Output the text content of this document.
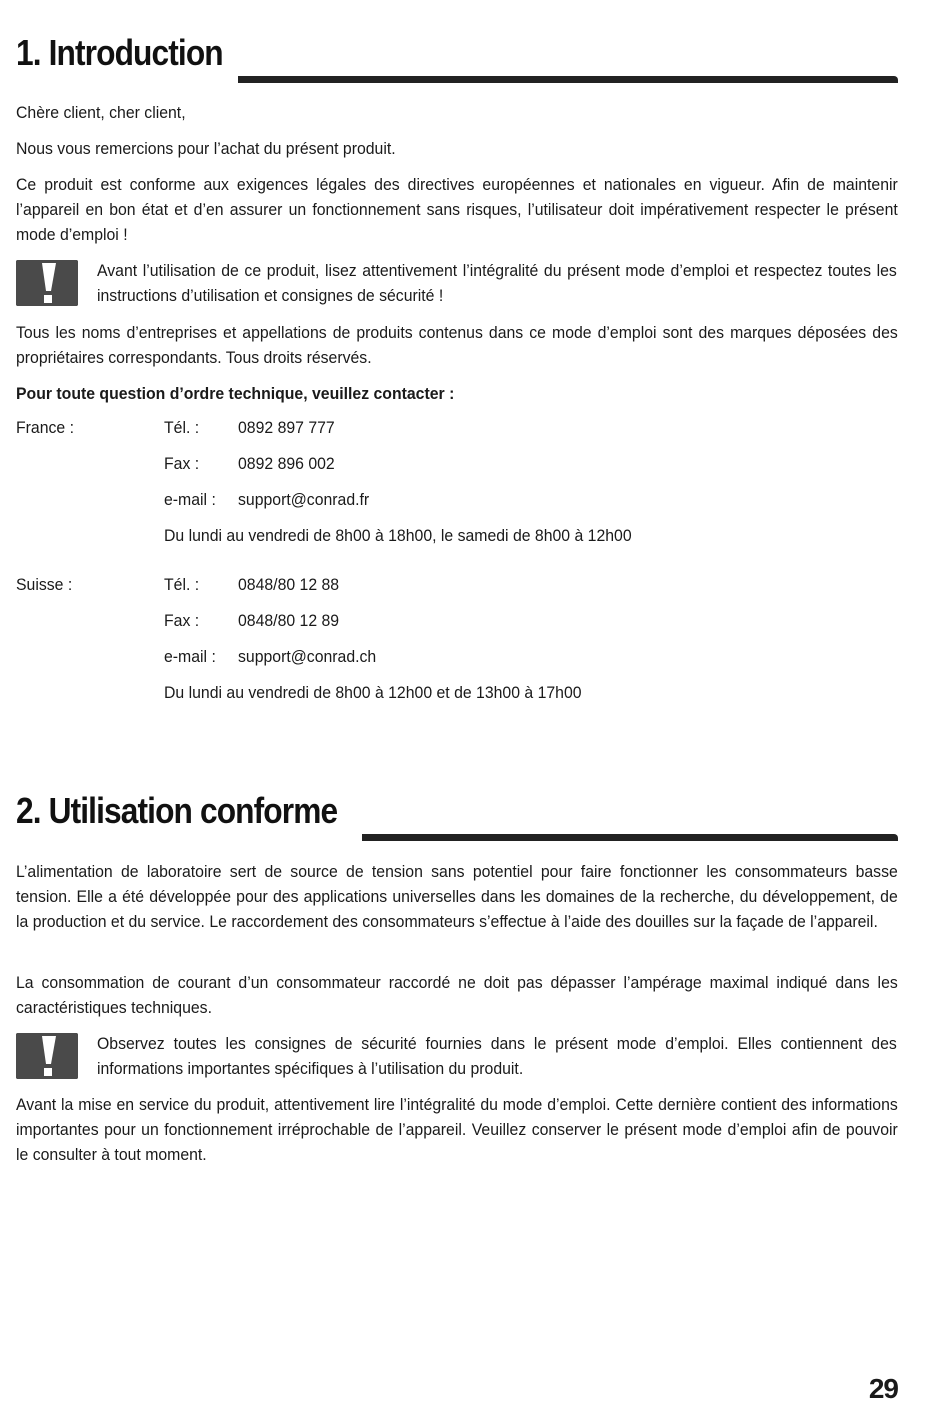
1. Introduction

Chère client, cher client,

Nous vous remercions pour l’achat du présent produit.

Ce produit est conforme aux exigences légales des directives européennes et nationales en vigueur. Afin de maintenir l’appareil en bon état et d’en assurer un fonctionnement sans risques, l’utilisateur doit impérativement respecter le présent mode d’emploi !

Avant l’utilisation de ce produit, lisez attentivement l’intégralité du présent mode d’emploi et respectez toutes les instructions d’utilisation et consignes de sécurité !

Tous les noms d’entreprises et appellations de produits contenus dans ce mode d’emploi sont des marques déposées des propriétaires correspondants. Tous droits réservés.

Pour toute question d’ordre technique, veuillez contacter :

France :	Tél. : 0892 897 777
Fax : 0892 896 002
e-mail : support@conrad.fr
Du lundi au vendredi de 8h00 à 18h00, le samedi de 8h00 à 12h00
Suisse :	Tél. : 0848/80 12 88
Fax : 0848/80 12 89
e-mail : support@conrad.ch
Du lundi au vendredi de 8h00 à 12h00 et de 13h00 à 17h00
2. Utilisation conforme

L’alimentation de laboratoire sert de source de tension sans potentiel pour faire fonctionner les consommateurs basse tension. Elle a été développée pour des applications universelles dans les domaines de la recherche, du développement, de la production et du service. Le raccordement des consommateurs s’effectue à l’aide des douilles sur la façade de l’appareil.

La consommation de courant d’un consommateur raccordé ne doit pas dépasser l’ampérage maximal indiqué dans les caractéristiques techniques.

Observez toutes les consignes de sécurité fournies dans le présent mode d’emploi. Elles contiennent des informations importantes spécifiques à l’utilisation du produit.

Avant la mise en service du produit, attentivement lire l’intégralité du mode d’emploi. Cette dernière contient des informations importantes pour un fonctionnement irréprochable de l’appareil. Veuillez conserver le présent mode d’emploi afin de pouvoir le consulter à tout moment.

29
